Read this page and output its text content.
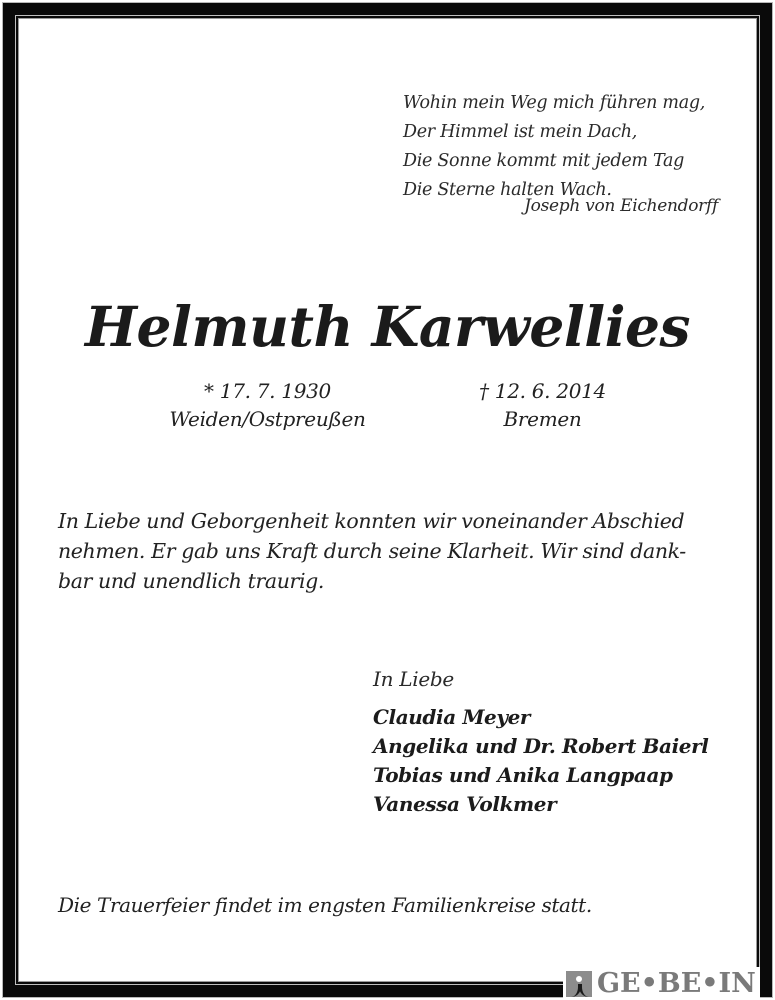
Wohin mein Weg mich führen mag,
Der Himmel ist mein Dach,
Die Sonne kommt mit jedem Tag
Die Sterne halten Wach.
Joseph von Eichendorff
Helmuth Karwellies
* 17. 7. 1930
Weiden/Ostpreußen
† 12. 6. 2014
Bremen
In Liebe und Geborgenheit konnten wir voneinander Abschied
nehmen. Er gab uns Kraft durch seine Klarheit. Wir sind dank-
bar und unendlich traurig.
In Liebe
Claudia Meyer
Angelika und Dr. Robert Baierl
Tobias und Anika Langpaap
Vanessa Volkmer
Die Trauerfeier findet im engsten Familienkreise statt.
GE•BE•IN
